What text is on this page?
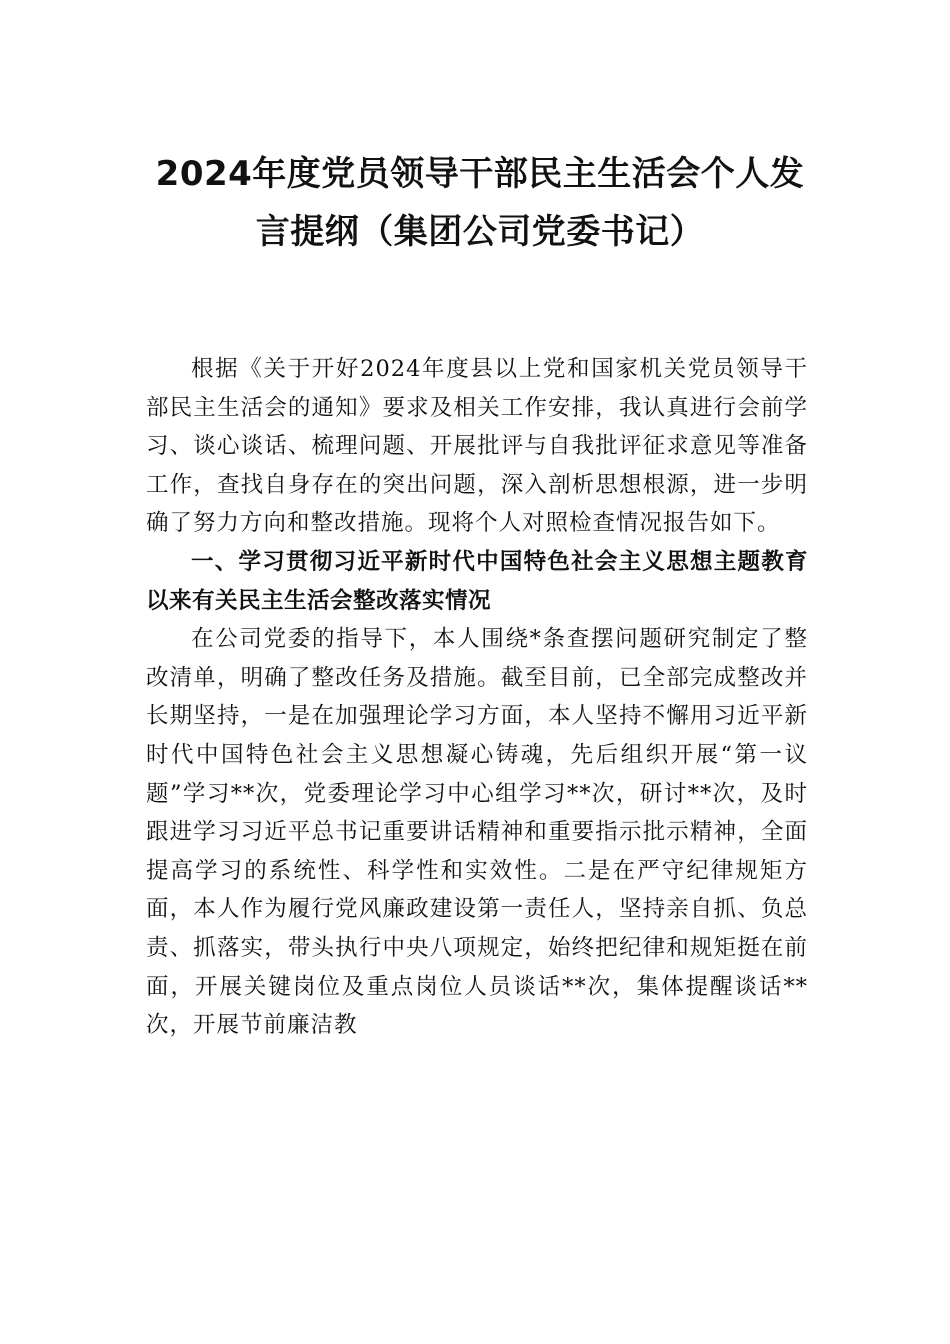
2024年度党员领导干部民主生活会个人发
言提纲（集团公司党委书记）

根据《关于开好2024年度县以上党和国家机关党员领导干部民主生活会的通知》要求及相关工作安排，我认真进行会前学习、谈心谈话、梳理问题、开展批评与自我批评征求意见等准备工作，查找自身存在的突出问题，深入剖析思想根源，进一步明确了努力方向和整改措施。现将个人对照检查情况报告如下。

一、学习贯彻习近平新时代中国特色社会主义思想主题教育以来有关民主生活会整改落实情况

在公司党委的指导下，本人围绕*条查摆问题研究制定了整改清单，明确了整改任务及措施。截至目前，已全部完成整改并长期坚持，一是在加强理论学习方面，本人坚持不懈用习近平新时代中国特色社会主义思想凝心铸魂，先后组织开展“第一议题”学习**次，党委理论学习中心组学习**次，研讨**次，及时跟进学习习近平总书记重要讲话精神和重要指示批示精神，全面提高学习的系统性、科学性和实效性。二是在严守纪律规矩方面，本人作为履行党风廉政建设第一责任人，坚持亲自抓、负总责、抓落实，带头执行中央八项规定，始终把纪律和规矩挺在前面，开展关键岗位及重点岗位人员谈话**次，集体提醒谈话**次，开展节前廉洁教
